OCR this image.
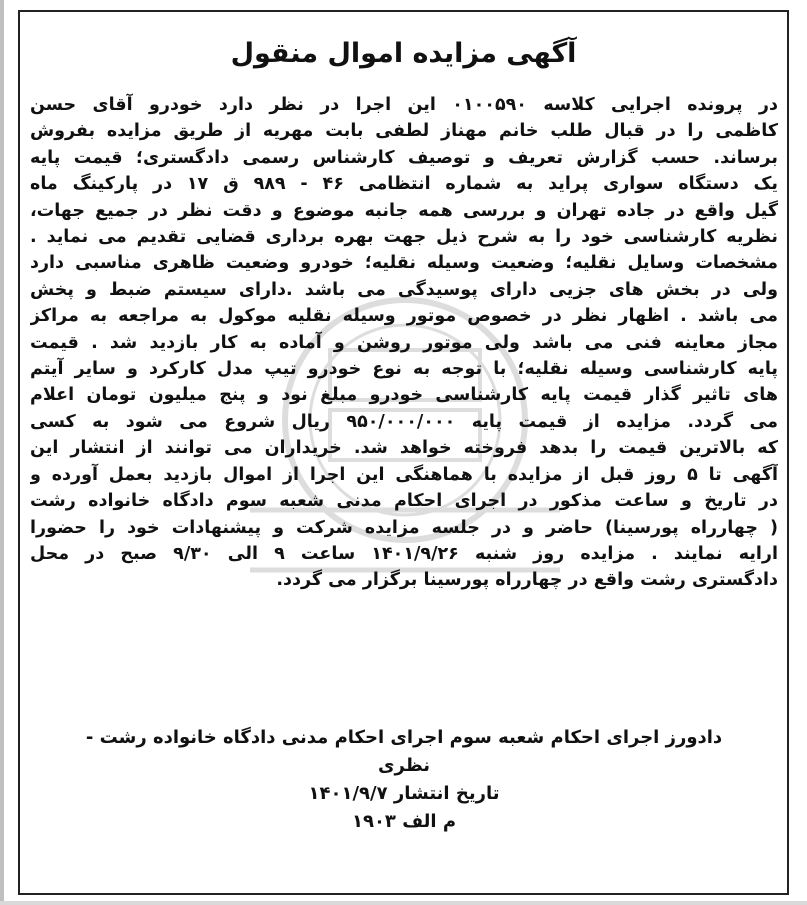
آگهی مزایده اموال منقول
در پرونده اجرایی کلاسه ۰۱۰۰۵۹۰ این اجرا در نظر دارد خودرو آقای حسن
کاظمی را در قبال طلب خانم مهناز لطفی بابت مهریه از طریق مزایده بفروش
برساند. حسب گزارش تعریف و توصیف کارشناس رسمی دادگستری؛ قیمت پایه
یک دستگاه سواری پراید به شماره انتظامی ۴۶ - ۹۸۹ ق ۱۷ در پارکینگ ماه
گیل واقع در جاده تهران و بررسی همه جانبه موضوع و دقت نظر در جمیع جهات،
نظریه کارشناسی خود را به شرح ذیل جهت بهره برداری قضایی تقدیم می نماید .
مشخصات وسایل نقلیه؛ وضعیت وسیله نقلیه؛ خودرو وضعیت ظاهری مناسبی دارد
ولی در بخش های جزیی دارای پوسیدگی می باشد .دارای سیستم ضبط و پخش
می باشد . اظهار نظر در خصوص موتور وسیله نقلیه موکول به مراجعه به مراکز
مجاز معاینه فنی می باشد ولی موتور روشن و آماده به کار بازدید شد . قیمت
پایه کارشناسی وسیله نقلیه؛ با توجه به نوع خودرو تیپ مدل کارکرد و سایر آیتم
های تاثیر گذار قیمت پایه کارشناسی خودرو مبلغ نود و پنج میلیون تومان اعلام
می گردد. مزایده از قیمت پایه ۹۵۰/۰۰۰/۰۰۰ ریال شروع می شود به کسی
که بالاترین قیمت را بدهد فروخته خواهد شد. خریداران می توانند از انتشار این
آگهی تا ۵ روز قبل از مزایده با هماهنگی این اجرا از اموال بازدید بعمل آورده و
در تاریخ و ساعت مذکور در اجرای احکام مدنی شعبه سوم دادگاه خانواده رشت
( چهارراه پورسینا) حاضر و در جلسه مزایده شرکت و پیشنهادات خود را حضورا
ارایه نمایند . مزایده روز شنبه ۱۴۰۱/۹/۲۶ ساعت ۹ الی ۹/۳۰ صبح در محل
دادگستری رشت واقع در چهارراه پورسینا برگزار می گردد.
دادورز اجرای احکام شعبه سوم اجرای احکام مدنی دادگاه خانواده رشت -
نظری
تاریخ انتشار ۱۴۰۱/۹/۷
م الف ۱۹۰۳
